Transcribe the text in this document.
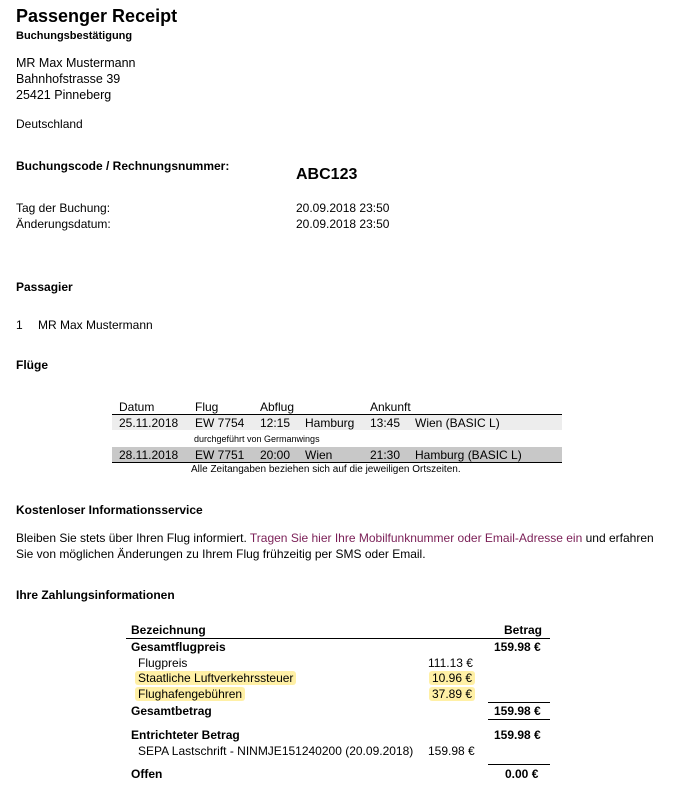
Passenger Receipt
Buchungsbestätigung
MR Max Mustermann
Bahnhofstrasse 39
25421 Pinneberg
Deutschland
Buchungscode / Rechnungsnummer:	ABC123
Tag der Buchung:	20.09.2018 23:50
Änderungsdatum:	20.09.2018 23:50
Passagier
1 MR Max Mustermann
Flüge
Datum	Flug	Abflug	Ankunft
25.11.2018 EW 7754 12:15 Hamburg 13:45 Wien (BASIC L)
durchgeführt von Germanwings
28.11.2018 EW 7751 20:00 Wien	21:30 Hamburg (BASIC L)
Alle Zeitangaben beziehen sich auf die jeweiligen Ortszeiten.
Kostenloser Informationsservice
Bleiben Sie stets über Ihren Flug informiert. Tragen Sie hier Ihre Mobilfunknummer oder Email-Adresse ein und erfahren
Sie von möglichen Änderungen zu Ihrem Flug frühzeitig per SMS oder Email.
Ihre Zahlungsinformationen
Bezeichnung	Betrag
Gesamtflugpreis	159.98 €
Flugpreis	111.13 €
Staatliche Luftverkehrssteuer	10.96 €
Flughafengebühren	37.89 €
Gesamtbetrag	159.98 €
Entrichteter Betrag	159.98 €
SEPA Lastschrift - NINMJE151240200 (20.09.2018) 159.98 €
Offen	0.00 €
